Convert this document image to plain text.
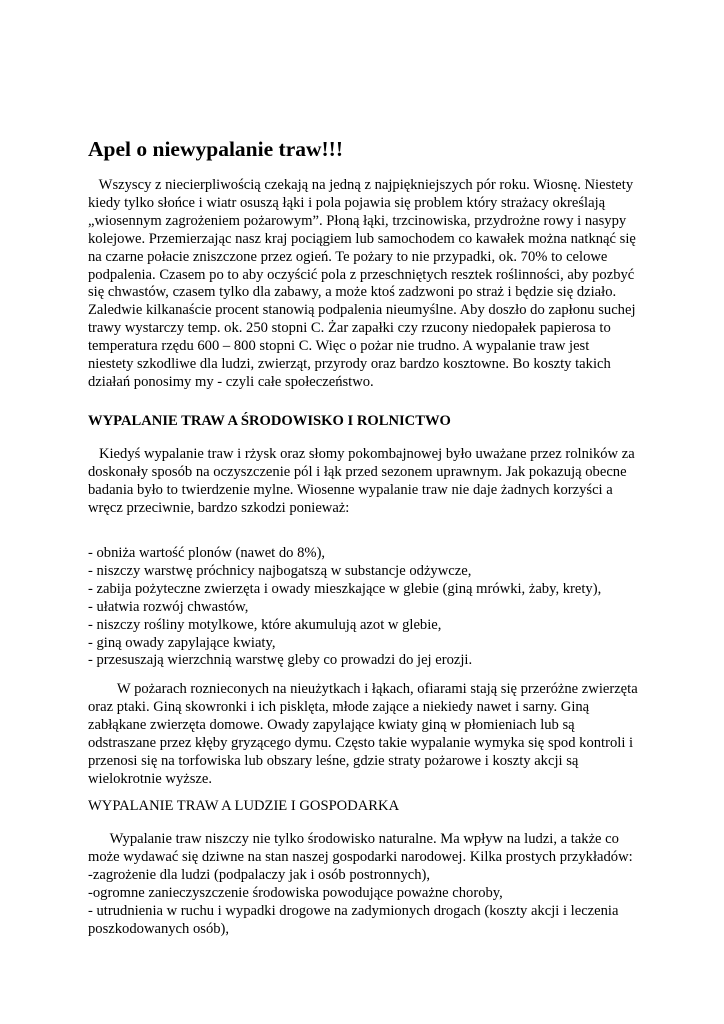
Apel o niewypalanie traw!!!
Wszyscy z niecierpliwością czekają na jedną z najpiękniejszych pór roku. Wiosnę. Niestety
kiedy tylko słońce i wiatr osuszą łąki i pola pojawia się problem który strażacy określają
„wiosennym zagrożeniem pożarowym”. Płoną łąki, trzcinowiska, przydrożne rowy i nasypy
kolejowe. Przemierzając nasz kraj pociągiem lub samochodem co kawałek można natknąć się
na czarne połacie zniszczone przez ogień. Te pożary to nie przypadki, ok. 70% to celowe
podpalenia. Czasem po to aby oczyścić pola z przeschniętych resztek roślinności, aby pozbyć
się chwastów, czasem tylko dla zabawy, a może ktoś zadzwoni po straż i będzie się działo.
Zaledwie kilkanaście procent stanowią podpalenia nieumyślne. Aby doszło do zapłonu suchej
trawy wystarczy temp. ok. 250 stopni C. Żar zapałki czy rzucony niedopałek papierosa to
temperatura rzędu 600 – 800 stopni C. Więc o pożar nie trudno. A wypalanie traw jest
niestety szkodliwe dla ludzi, zwierząt, przyrody oraz bardzo kosztowne. Bo koszty takich
działań ponosimy my - czyli całe społeczeństwo.
WYPALANIE TRAW A ŚRODOWISKO I ROLNICTWO
Kiedyś wypalanie traw i rżysk oraz słomy pokombajnowej było uważane przez rolników za
doskonały sposób na oczyszczenie pól i łąk przed sezonem uprawnym. Jak pokazują obecne
badania było to twierdzenie mylne. Wiosenne wypalanie traw nie daje żadnych korzyści a
wręcz przeciwnie, bardzo szkodzi ponieważ:
- obniża wartość plonów (nawet do 8%),
- niszczy warstwę próchnicy najbogatszą w substancje odżywcze,
- zabija pożyteczne zwierzęta i owady mieszkające w glebie (giną mrówki, żaby, krety),
- ułatwia rozwój chwastów,
- niszczy rośliny motylkowe, które akumulują azot w glebie,
- giną owady zapylające kwiaty,
- przesuszają wierzchnią warstwę gleby co prowadzi do jej erozji.
W pożarach roznieconych na nieużytkach i łąkach, ofiarami stają się przeróżne zwierzęta
oraz ptaki. Giną skowronki i ich pisklęta, młode zające a niekiedy nawet i sarny. Giną
zabłąkane zwierzęta domowe. Owady zapylające kwiaty giną w płomieniach lub są
odstraszane przez kłęby gryzącego dymu. Często takie wypalanie wymyka się spod kontroli i
przenosi się na torfowiska lub obszary leśne, gdzie straty pożarowe i koszty akcji są
wielokrotnie wyższe.
WYPALANIE TRAW A LUDZIE I GOSPODARKA
Wypalanie traw niszczy nie tylko środowisko naturalne. Ma wpływ na ludzi, a także co
może wydawać się dziwne na stan naszej gospodarki narodowej. Kilka prostych przykładów:
-zagrożenie dla ludzi (podpalaczy jak i osób postronnych),
-ogromne zanieczyszczenie środowiska powodujące poważne choroby,
- utrudnienia w ruchu i wypadki drogowe na zadymionych drogach (koszty akcji i leczenia
poszkodowanych osób),
